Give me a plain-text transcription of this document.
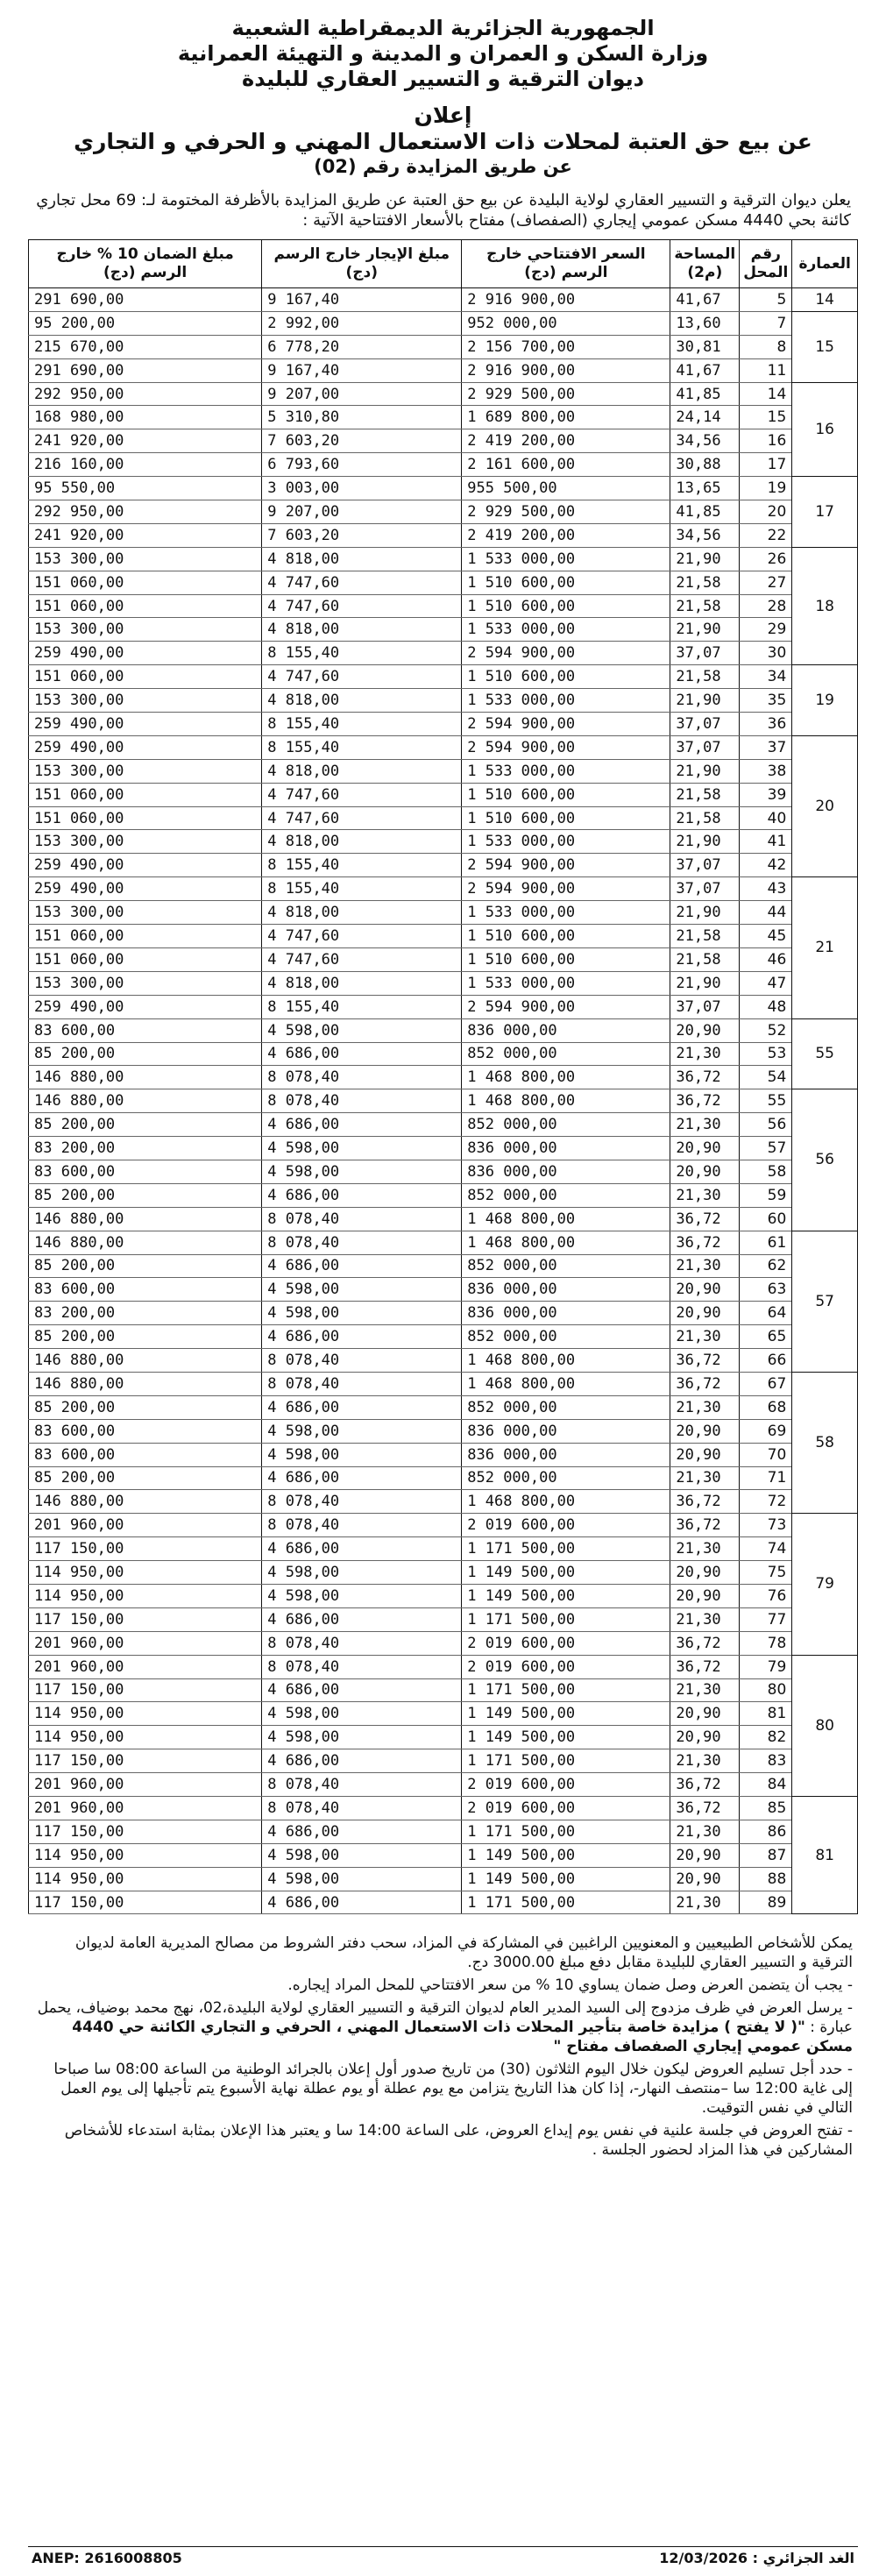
الجمهورية الجزائرية الديمقراطية الشعبية
وزارة السكن و العمران و المدينة و التهيئة العمرانية
ديوان الترقية و التسيير العقاري للبليدة
إعلان
عن بيع حق العتبة لمحلات ذات الاستعمال المهني و الحرفي و التجاري
عن طريق المزايدة رقم (02)
يعلن ديوان الترقية و التسيير العقاري لولاية البليدة عن بيع حق العتبة عن طريق المزايدة بالأظرفة المختومة لـ: 69 محل تجاري كائنة بحي 4440 مسكن عمومي إيجاري (الصفصاف) مفتاح بالأسعار الافتتاحية الآتية :
العمارة	رقم المحل	المساحة (م2)	السعر الافتتاحي خارج الرسم (دج)	مبلغ الإيجار خارج الرسم (دج)	مبلغ الضمان 10 % خارج الرسم (دج)
14	5	41,67	2 916 900,00	9 167,40	291 690,00
15	7	13,60	952 000,00	2 992,00	95 200,00
	8	30,81	2 156 700,00	6 778,20	215 670,00
	11	41,67	2 916 900,00	9 167,40	291 690,00
16	14	41,85	2 929 500,00	9 207,00	292 950,00
	15	24,14	1 689 800,00	5 310,80	168 980,00
	16	34,56	2 419 200,00	7 603,20	241 920,00
	17	30,88	2 161 600,00	6 793,60	216 160,00
17	19	13,65	955 500,00	3 003,00	95 550,00
	20	41,85	2 929 500,00	9 207,00	292 950,00
	22	34,56	2 419 200,00	7 603,20	241 920,00
18	26	21,90	1 533 000,00	4 818,00	153 300,00
	27	21,58	1 510 600,00	4 747,60	151 060,00
	28	21,58	1 510 600,00	4 747,60	151 060,00
	29	21,90	1 533 000,00	4 818,00	153 300,00
	30	37,07	2 594 900,00	8 155,40	259 490,00
19	34	21,58	1 510 600,00	4 747,60	151 060,00
	35	21,90	1 533 000,00	4 818,00	153 300,00
	36	37,07	2 594 900,00	8 155,40	259 490,00
20	37	37,07	2 594 900,00	8 155,40	259 490,00
	38	21,90	1 533 000,00	4 818,00	153 300,00
	39	21,58	1 510 600,00	4 747,60	151 060,00
	40	21,58	1 510 600,00	4 747,60	151 060,00
	41	21,90	1 533 000,00	4 818,00	153 300,00
	42	37,07	2 594 900,00	8 155,40	259 490,00
21	43	37,07	2 594 900,00	8 155,40	259 490,00
	44	21,90	1 533 000,00	4 818,00	153 300,00
	45	21,58	1 510 600,00	4 747,60	151 060,00
	46	21,58	1 510 600,00	4 747,60	151 060,00
	47	21,90	1 533 000,00	4 818,00	153 300,00
	48	37,07	2 594 900,00	8 155,40	259 490,00
55	52	20,90	836 000,00	4 598,00	83 600,00
	53	21,30	852 000,00	4 686,00	85 200,00
	54	36,72	1 468 800,00	8 078,40	146 880,00
56	55	36,72	1 468 800,00	8 078,40	146 880,00
	56	21,30	852 000,00	4 686,00	85 200,00
	57	20,90	836 000,00	4 598,00	83 200,00
	58	20,90	836 000,00	4 598,00	83 600,00
	59	21,30	852 000,00	4 686,00	85 200,00
	60	36,72	1 468 800,00	8 078,40	146 880,00
57	61	36,72	1 468 800,00	8 078,40	146 880,00
	62	21,30	852 000,00	4 686,00	85 200,00
	63	20,90	836 000,00	4 598,00	83 600,00
	64	20,90	836 000,00	4 598,00	83 200,00
	65	21,30	852 000,00	4 686,00	85 200,00
	66	36,72	1 468 800,00	8 078,40	146 880,00
58	67	36,72	1 468 800,00	8 078,40	146 880,00
	68	21,30	852 000,00	4 686,00	85 200,00
	69	20,90	836 000,00	4 598,00	83 600,00
	70	20,90	836 000,00	4 598,00	83 600,00
	71	21,30	852 000,00	4 686,00	85 200,00
	72	36,72	1 468 800,00	8 078,40	146 880,00
79	73	36,72	2 019 600,00	8 078,40	201 960,00
	74	21,30	1 171 500,00	4 686,00	117 150,00
	75	20,90	1 149 500,00	4 598,00	114 950,00
	76	20,90	1 149 500,00	4 598,00	114 950,00
	77	21,30	1 171 500,00	4 686,00	117 150,00
	78	36,72	2 019 600,00	8 078,40	201 960,00
80	79	36,72	2 019 600,00	8 078,40	201 960,00
	80	21,30	1 171 500,00	4 686,00	117 150,00
	81	20,90	1 149 500,00	4 598,00	114 950,00
	82	20,90	1 149 500,00	4 598,00	114 950,00
	83	21,30	1 171 500,00	4 686,00	117 150,00
	84	36,72	2 019 600,00	8 078,40	201 960,00
81	85	36,72	2 019 600,00	8 078,40	201 960,00
	86	21,30	1 171 500,00	4 686,00	117 150,00
	87	20,90	1 149 500,00	4 598,00	114 950,00
	88	20,90	1 149 500,00	4 598,00	114 950,00
	89	21,30	1 171 500,00	4 686,00	117 150,00

يمكن للأشخاص الطبيعيين و المعنويين الراغبين في المشاركة في المزاد، سحب دفتر الشروط من مصالح المديرية العامة لديوان الترقية و التسيير العقاري للبليدة مقابل دفع مبلغ 3000.00 دج.

- يجب أن يتضمن العرض وصل ضمان يساوي 10 % من سعر الافتتاحي للمحل المراد إيجاره.

- يرسل العرض في ظرف مزدوج إلى السيد المدير العام لديوان الترقية و التسيير العقاري لولاية البليدة،02، نهج محمد بوضياف، يحمل عبارة : "( لا يفتح ) مزايدة خاصة بتأجير المحلات ذات الاستعمال المهني ، الحرفي و التجاري الكائنة حي 4440 مسكن عمومي إيجاري الصفصاف مفتاح "

- حدد أجل تسليم العروض ليكون خلال اليوم الثلاثون (30) من تاريخ صدور أول إعلان بالجرائد الوطنية من الساعة 08:00 سا صباحا إلى غاية 12:00 سا –منتصف النهار-، إذا كان هذا التاريخ يتزامن مع يوم عطلة أو يوم عطلة نهاية الأسبوع يتم تأجيلها إلى يوم العمل التالي في نفس التوقيت.

- تفتح العروض في جلسة علنية في نفس يوم إيداع العروض، على الساعة 14:00 سا و يعتبر هذا الإعلان بمثابة استدعاء للأشخاص المشاركين في هذا المزاد لحضور الجلسة .

ANEP: 2616008805	الغد الجزائري : 12/03/2026
